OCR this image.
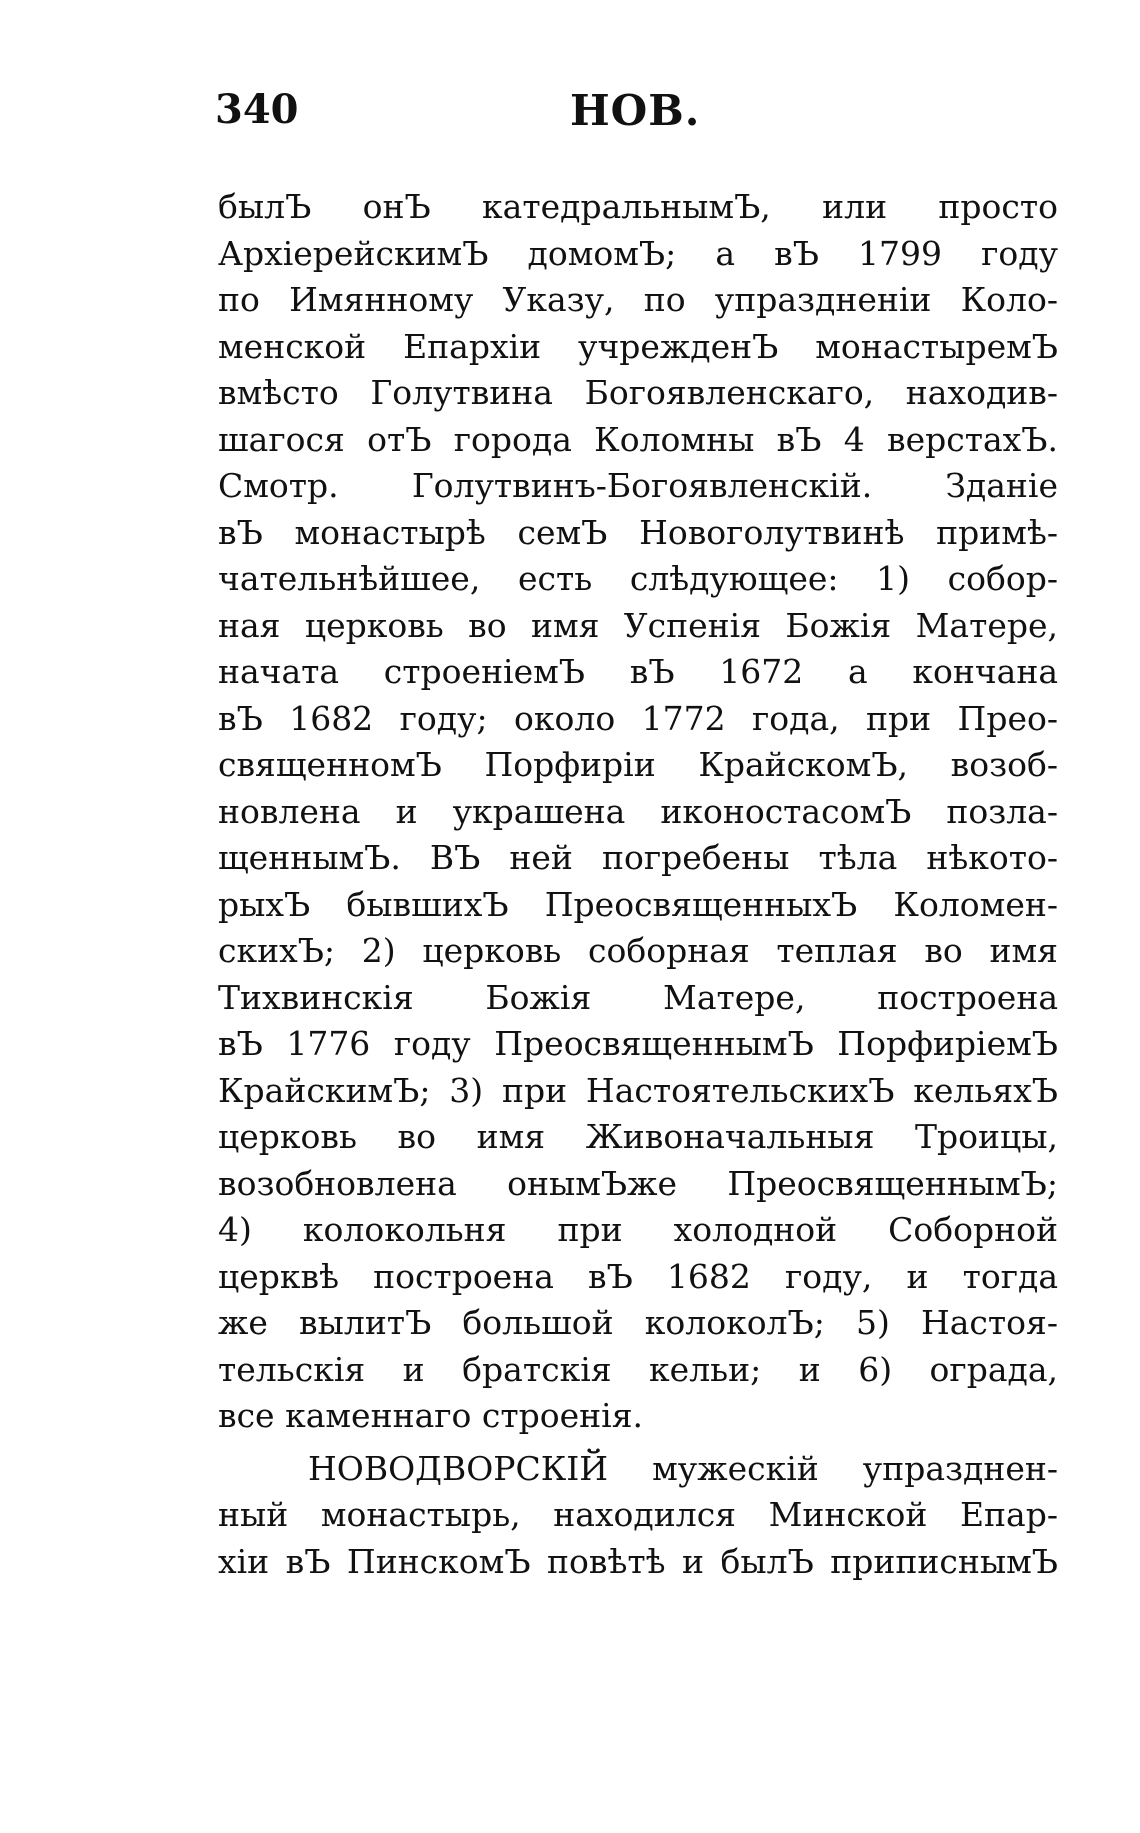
340	НОВ.
былЪ онЪ катедральнымЪ, или просто
АрхіерейскимЪ домомЪ; а вЪ 1799 году
по Имянному Указу, по упраздненіи Коло-
менской Епархіи учрежденЪ монастыремЪ
вмѣсто Голутвина Богоявленскаго, находив-
шагося отЪ города Коломны вЪ 4 верстахЪ.
Смотр. Голутвинъ-Богоявленскій. Зданіе
вЪ монастырѣ семЪ Новоголутвинѣ примѣ-
чательнѣйшее, есть слѣдующее: 1) собор-
ная церковь во имя Успенія Божія Матере,
начата строеніемЪ вЪ 1672 а кончана
вЪ 1682 году; около 1772 года, при Прео-
священномЪ Порфиріи КрайскомЪ, возоб-
новлена и украшена иконостасомЪ позла-
щеннымЪ. ВЪ ней погребены тѣла нѣкото-
рыхЪ бывшихЪ ПреосвященныхЪ Коломен-
скихЪ; 2) церковь соборная теплая во имя
Тихвинскія Божія Матере, построена
вЪ 1776 году ПреосвященнымЪ ПорфиріемЪ
КрайскимЪ; 3) при НастоятельскихЪ кельяхЪ
церковь во имя Живоначальныя Троицы,
возобновлена онымЪже ПреосвященнымЪ;
4) колокольня при холодной Соборной
церквѣ построена вЪ 1682 году, и тогда
же вылитЪ большой колоколЪ; 5) Настоя-
тельскія и братскія кельи; и 6) ограда,
все каменнаго строенія.
НОВОДВОРСКІЙ мужескій упразднен-
ный монастырь, находился Минской Епар-
хіи вЪ ПинскомЪ повѣтѣ и былЪ приписнымЪ
